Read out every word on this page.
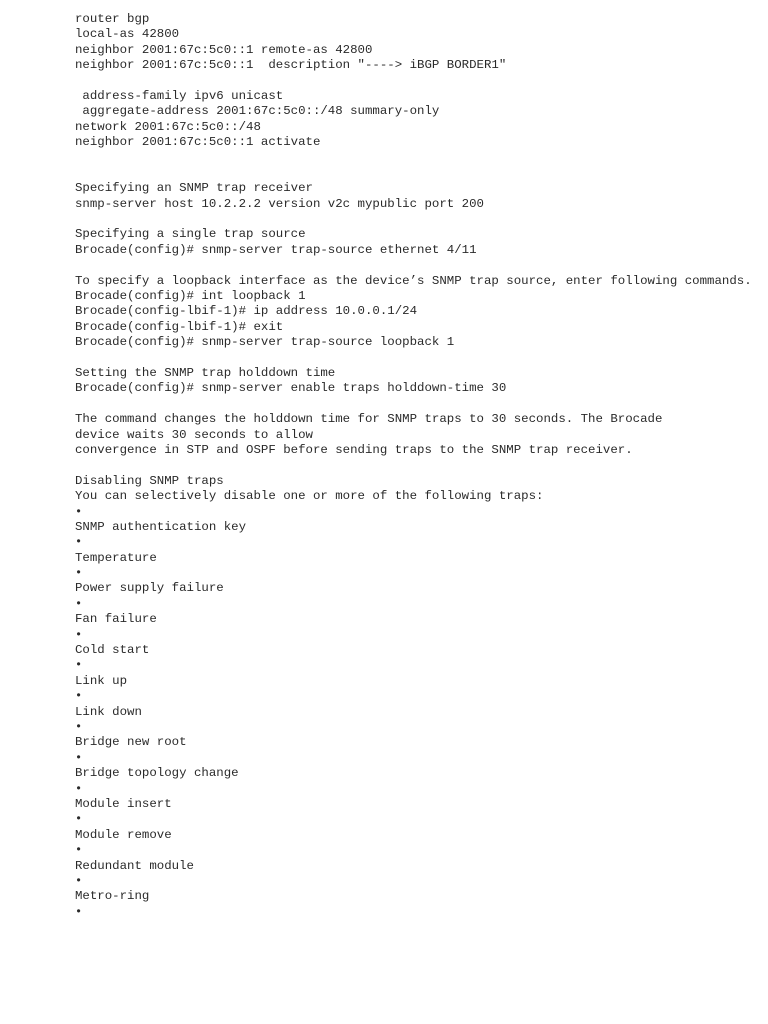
router bgp
local-as 42800
neighbor 2001:67c:5c0::1 remote-as 42800
neighbor 2001:67c:5c0::1  description "----> iBGP BORDER1"
address-family ipv6 unicast
aggregate-address 2001:67c:5c0::/48 summary-only
network 2001:67c:5c0::/48
neighbor 2001:67c:5c0::1 activate
Specifying an SNMP trap receiver
snmp-server host 10.2.2.2 version v2c mypublic port 200
Specifying a single trap source
Brocade(config)# snmp-server trap-source ethernet 4/11
To specify a loopback interface as the device’s SNMP trap source, enter following commands.
Brocade(config)# int loopback 1
Brocade(config-lbif-1)# ip address 10.0.0.1/24
Brocade(config-lbif-1)# exit
Brocade(config)# snmp-server trap-source loopback 1
Setting the SNMP trap holddown time
Brocade(config)# snmp-server enable traps holddown-time 30
The command changes the holddown time for SNMP traps to 30 seconds. The Brocade
device waits 30 seconds to allow
convergence in STP and OSPF before sending traps to the SNMP trap receiver.
Disabling SNMP traps
You can selectively disable one or more of the following traps:
•
SNMP authentication key
•
Temperature
•
Power supply failure
•
Fan failure
•
Cold start
•
Link up
•
Link down
•
Bridge new root
•
Bridge topology change
•
Module insert
•
Module remove
•
Redundant module
•
Metro-ring
•
